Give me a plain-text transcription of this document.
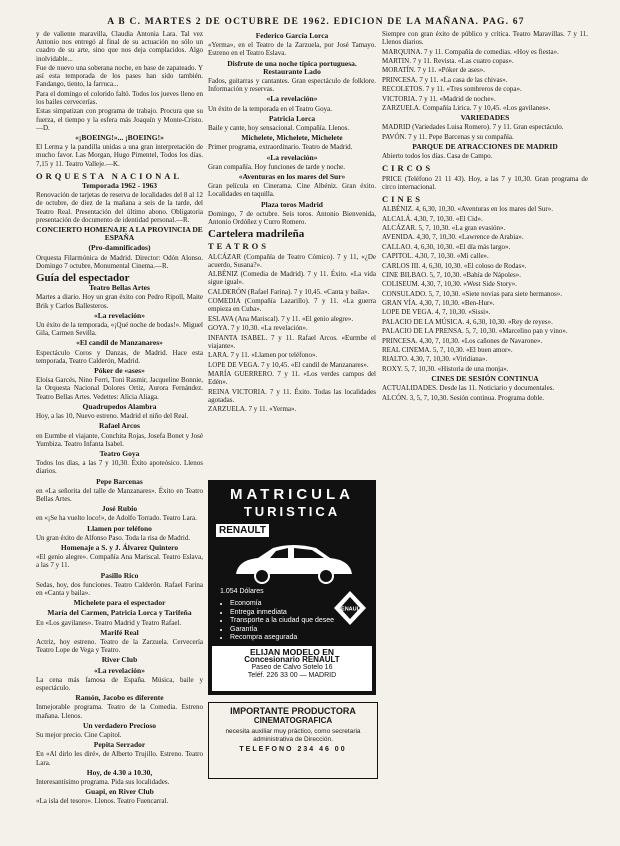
A B C. MARTES 2 DE OCTUBRE DE 1962. EDICION DE LA MAÑANA. PAG. 67

y de valiente maravilla, Claudia Antonia Lara. Tal vez Antonio nos entregó al final de su actuación no sólo un cuadro de su arte, sino que nos deja complacidos. Algo inolvidable...

Fue de nuevo una soberana noche, en base de zapateado. Y así esta temporada de los pases han sido también. Fandango, tiento, la farruca...

Para el domingo el colorido faltó. Todos los jueves lleno en los bailes cervecerías.

Estas simpatizan con programa de trabajo. Procura que su fuerza, el tiempo y la esfera más Joaquín y Monte-Cristo.—D.

«¡BOEING!»... ¡BOEING!»

El Lerma y la pandilla unidas a una gran interpretación de mucho favor. Las Morgan, Hugo Pimentel, Todos los días. 7,15 y 11. Teatro Valleje.—K.

ORQUESTA NACIONAL
Temporada 1962 - 1963

Renovación de tarjetas de reserva de localidades del 8 al 12 de octubre, de diez de la mañana a seis de la tarde, del Teatro Real. Presentación del último abono. Obligatoria presentación de documento de identidad personal.—R.

CONCIERTO HOMENAJE A LA PROVINCIA DE ESPAÑA
(Pro-damnificados)

Orquesta Filarmónica de Madrid. Director: Odón Alonso. Domingo 7 octubre, Monumental Cinema.—R.

Guía del espectador
Teatro Bellas Artes

Martes a diario. Hoy un gran éxito con Pedro Ripoll, Maite Brik y Carlos Ballesteros.

«La revelación»

Un éxito de la temporada, «¡Qué noche de bodas!». Miguel Gila, Carmen Sevilla.

«El candil de Manzanares»

Espectáculo Coros y Danzas, de Madrid. Hace esta temporada, Teatro Calderón, Madrid.

Póker de «ases»

Eloísa Garcés, Nino Ferri, Toni Rasmir, Jacqueline Bonnie, la Orquesta Nacional Dolores Ortiz, Aurora Fernández. Teatro Bellas Artes. Vedettes: Alicia Aliaga.

Quadrupedos Alambra

Hoy, a las 10, Nuevo estreno. Madrid el niño del Real.

Rafael Arcos

en Eurmbe el viajante, Conchita Rojas, Josefa Bonet y José Yumbiza. Teatro Infanta Isabel.

Teatro Goya

Todos los días, a las 7 y 10,30. Éxito apoteósico. Llenos diarios.

Pepe Barcenas

en «La señorita del talle de Manzanares». Éxito en Teatro Bellas Artes.

José Rubio

en «¡Se ha vuelto loco!», de Adolfo Torrado. Teatro Lara.

Llamen por teléfono

Un gran éxito de Alfonso Paso. Toda la risa de Madrid.

Homenaje a S. y J. Álvarez Quintero

«El genio alegre». Compañía Ana Mariscal. Teatro Eslava, a las 7 y 11.

Pasillo Rico

Sedas, hoy, dos funciones. Teatro Calderón. Rafael Farina en «Canta y baila».

Michelete para el espectador
María del Carmen, Patricia Lorca y Tarifeña

En «Los gavilanes». Teatro Madrid y Teatro Rafael.

Marifé Real

Actriz, hoy estreno. Teatro de la Zarzuela. Cervecería Teatro Lope de Vega y Teatro.

River Club
«La revelación»

La cena más famosa de España. Música, baile y espectáculo.

Ramón, Jacobo es diferente

Inmejorable programa. Teatro de la Comedia. Estreno mañana. Llenos.

Un verdadero Precioso

Su mejor precio. Cine Capitol.

Pepita Serrador

En «Al dirlo les diré», de Alberto Trujillo. Estreno. Teatro Lara.

Hoy, de 4.30 a 10.30,

Interesantísimo programa. Pida sus localidades.

Guapi, en River Club

«La isla del tesoro». Llenos. Teatro Fuencarral.

Federico García Lorca

«Yerma», en el Teatro de la Zarzuela, por José Tamayo. Estreno en el Teatro Eslava.

Disfrute de una noche típica portuguesa. Restaurante Lado

Fados, guitarras y cantantes. Gran espectáculo de folklore. Información y reservas.

«La revelación»

Un éxito de la temporada en el Teatro Goya.

Patricia Lorca

Baile y cante, hoy sensacional. Compañía. Llenos.

Michelete, Michelete, Michelete

Primer programa, extraordinario. Teatro de Madrid.

«La revelación»

Gran compañía. Hoy funciones de tarde y noche.

«Aventuras en los mares del Sur»

Gran película en Cinerama. Cine Albéniz. Gran éxito. Localidades en taquilla.

Plaza toros Madrid

Domingo, 7 de octubre. Seis toros. Antonio Bienvenida, Antonio Ordóñez y Curro Romero.

Cartelera madrileña
TEATROS

ALCÁZAR (Compañía de Teatro Cómico). 7 y 11, «¿De acuerdo, Susana?».

ALBÉNIZ (Comedia de Madrid). 7 y 11. Éxito. «La vida sigue igual».

CALDERÓN (Rafael Farina). 7 y 10,45. «Canta y baila».

COMEDIA (Compañía Lazarillo). 7 y 11. «La guerra empieza en Cuba».

ESLAVA (Ana Mariscal). 7 y 11. «El genio alegre».

GOYA. 7 y 10,30. «La revelación».

INFANTA ISABEL. 7 y 11. Rafael Arcos. «Eurmbe el viajante».

LARA. 7 y 11. «Llamen por teléfono».

LOPE DE VEGA. 7 y 10,45. «El candil de Manzanares».

MARÍA GUERRERO. 7 y 11. «Los verdes campos del Edén».

REINA VICTORIA. 7 y 11. Éxito. Todas las localidades agotadas.

ZARZUELA. 7 y 11. «Yerma».

Siempre con gran éxito de público y crítica. Teatro Maravillas. 7 y 11. Llenos diarios.

MARQUINA. 7 y 11. Compañía de comedias. «Hoy es fiesta».

MARTIN. 7 y 11. Revista. «Las cuatro copas».

MORATÍN. 7 y 11. «Póker de ases».

PRINCESA. 7 y 11. «La casa de las chivas».

RECOLETOS. 7 y 11. «Tres sombreros de copa».

VICTORIA. 7 y 11. «Madrid de noche».

ZARZUELA. Compañía Lírica. 7 y 10,45. «Los gavilanes».

VARIEDADES

MADRID (Variedades Luisa Romero). 7 y 11. Gran espectáculo.

PAVÓN. 7 y 11. Pepe Barcenas y su compañía.

PARQUE DE ATRACCIONES DE MADRID

Abierto todos los días. Casa de Campo.

CIRCOS

PRICE (Teléfono 21 11 43). Hoy, a las 7 y 10,30. Gran programa de circo internacional.

CINES

ALBÉNIZ. 4, 6,30, 10,30. «Aventuras en los mares del Sur».

ALCALÁ. 4,30, 7, 10,30. «El Cid».

ALCÁZAR. 5, 7, 10,30. «La gran evasión».

AVENIDA. 4,30, 7, 10,30. «Lawrence de Arabia».

CALLAO. 4, 6,30, 10,30. «El día más largo».

CAPITOL. 4,30, 7, 10,30. «Mi calle».

CARLOS III. 4, 6,30, 10,30. «El coloso de Rodas».

CINE BILBAO. 5, 7, 10,30. «Bahía de Nápoles».

COLISEUM. 4,30, 7, 10,30. «West Side Story».

CONSULADO. 5, 7, 10,30. «Siete novias para siete hermanos».

GRAN VÍA. 4,30, 7, 10,30. «Ben-Hur».

LOPE DE VEGA. 4, 7, 10,30. «Sissi».

PALACIO DE LA MÚSICA. 4, 6,30, 10,30. «Rey de reyes».

PALACIO DE LA PRENSA. 5, 7, 10,30. «Marcelino pan y vino».

PRINCESA. 4,30, 7, 10,30. «Los cañones de Navarone».

REAL CINEMA. 5, 7, 10,30. «El buen amor».

RIALTO. 4,30, 7, 10,30. «Viridiana».

ROXY. 5, 7, 10,30. «Historia de una monja».

CINES DE SESIÓN CONTINUA

ACTUALIDADES. Desde las 11. Noticiario y documentales.

ALCÓN. 3, 5, 7, 10,30. Sesión continua. Programa doble.

MATRICULA
TURISTICA
RENAULT
1.054 Dólares
• Economía
• Entrega inmediata
• Transporte a la ciudad que desee
• Garantía
• Recompra asegurada
RENAULT
ELIJAN MODELO EN
Concesionario RENAULT
Paseo de Calvo Sotelo 16
Teléf. 226 33 00 — MADRID
IMPORTANTE PRODUCTORA
CINEMATOGRAFICA
necesita auxiliar muy práctico, como secretaria administrativa de Dirección.
TELEFONO 234 46 00
